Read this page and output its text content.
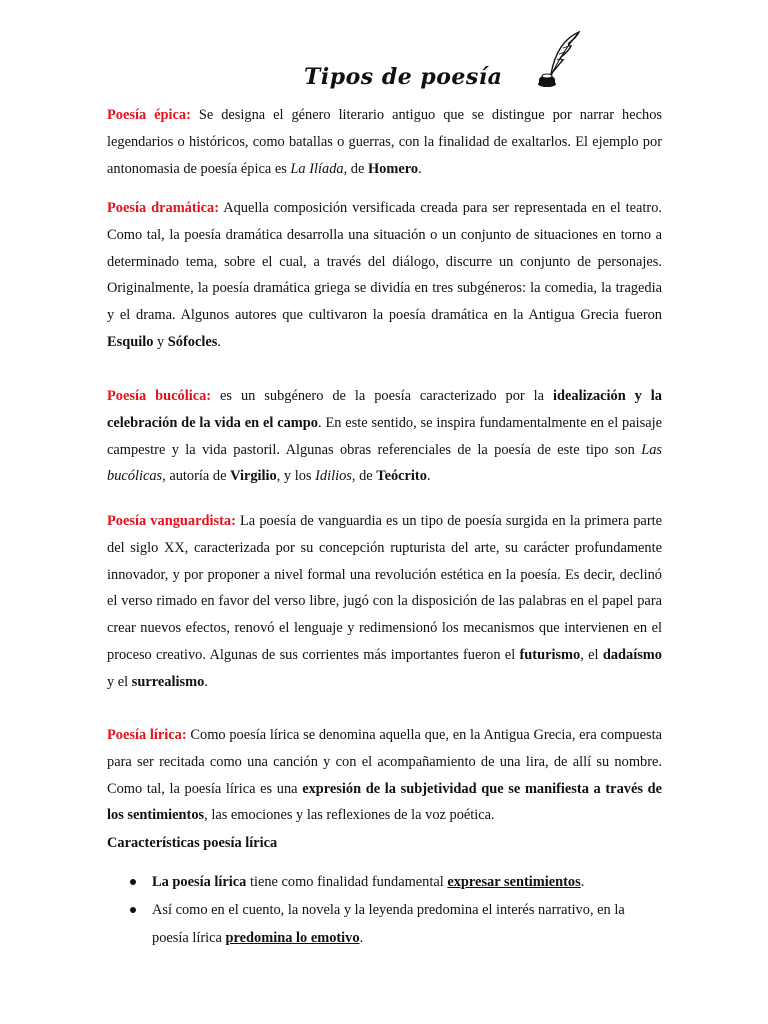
Tipos de poesía

Poesía épica: Se designa el género literario antiguo que se distingue por narrar hechos legendarios o históricos, como batallas o guerras, con la finalidad de exaltarlos. El ejemplo por antonomasia de poesía épica es La Ilíada, de Homero.

Poesía dramática: Aquella composición versificada creada para ser representada en el teatro. Como tal, la poesía dramática desarrolla una situación o un conjunto de situaciones en torno a determinado tema, sobre el cual, a través del diálogo, discurre un conjunto de personajes. Originalmente, la poesía dramática griega se dividía en tres subgéneros: la comedia, la tragedia y el drama. Algunos autores que cultivaron la poesía dramática en la Antigua Grecia fueron Esquilo y Sófocles.

Poesía bucólica: es un subgénero de la poesía caracterizado por la idealización y la celebración de la vida en el campo. En este sentido, se inspira fundamentalmente en el paisaje campestre y la vida pastoril. Algunas obras referenciales de la poesía de este tipo son Las bucólicas, autoría de Virgilio, y los Idilios, de Teócrito.

Poesía vanguardista: La poesía de vanguardia es un tipo de poesía surgida en la primera parte del siglo XX, caracterizada por su concepción rupturista del arte, su carácter profundamente innovador, y por proponer a nivel formal una revolución estética en la poesía. Es decir, declinó el verso rimado en favor del verso libre, jugó con la disposición de las palabras en el papel para crear nuevos efectos, renovó el lenguaje y redimensionó los mecanismos que intervienen en el proceso creativo. Algunas de sus corrientes más importantes fueron el futurismo, el dadaísmo y el surrealismo.

Poesía lírica: Como poesía lírica se denomina aquella que, en la Antigua Grecia, era compuesta para ser recitada como una canción y con el acompañamiento de una lira, de allí su nombre. Como tal, la poesía lírica es una expresión de la subjetividad que se manifiesta a través de los sentimientos, las emociones y las reflexiones de la voz poética.

Características poesía lírica
La poesía lírica tiene como finalidad fundamental expresar sentimientos.
Así como en el cuento, la novela y la leyenda predomina el interés narrativo, en la poesía lírica predomina lo emotivo.
